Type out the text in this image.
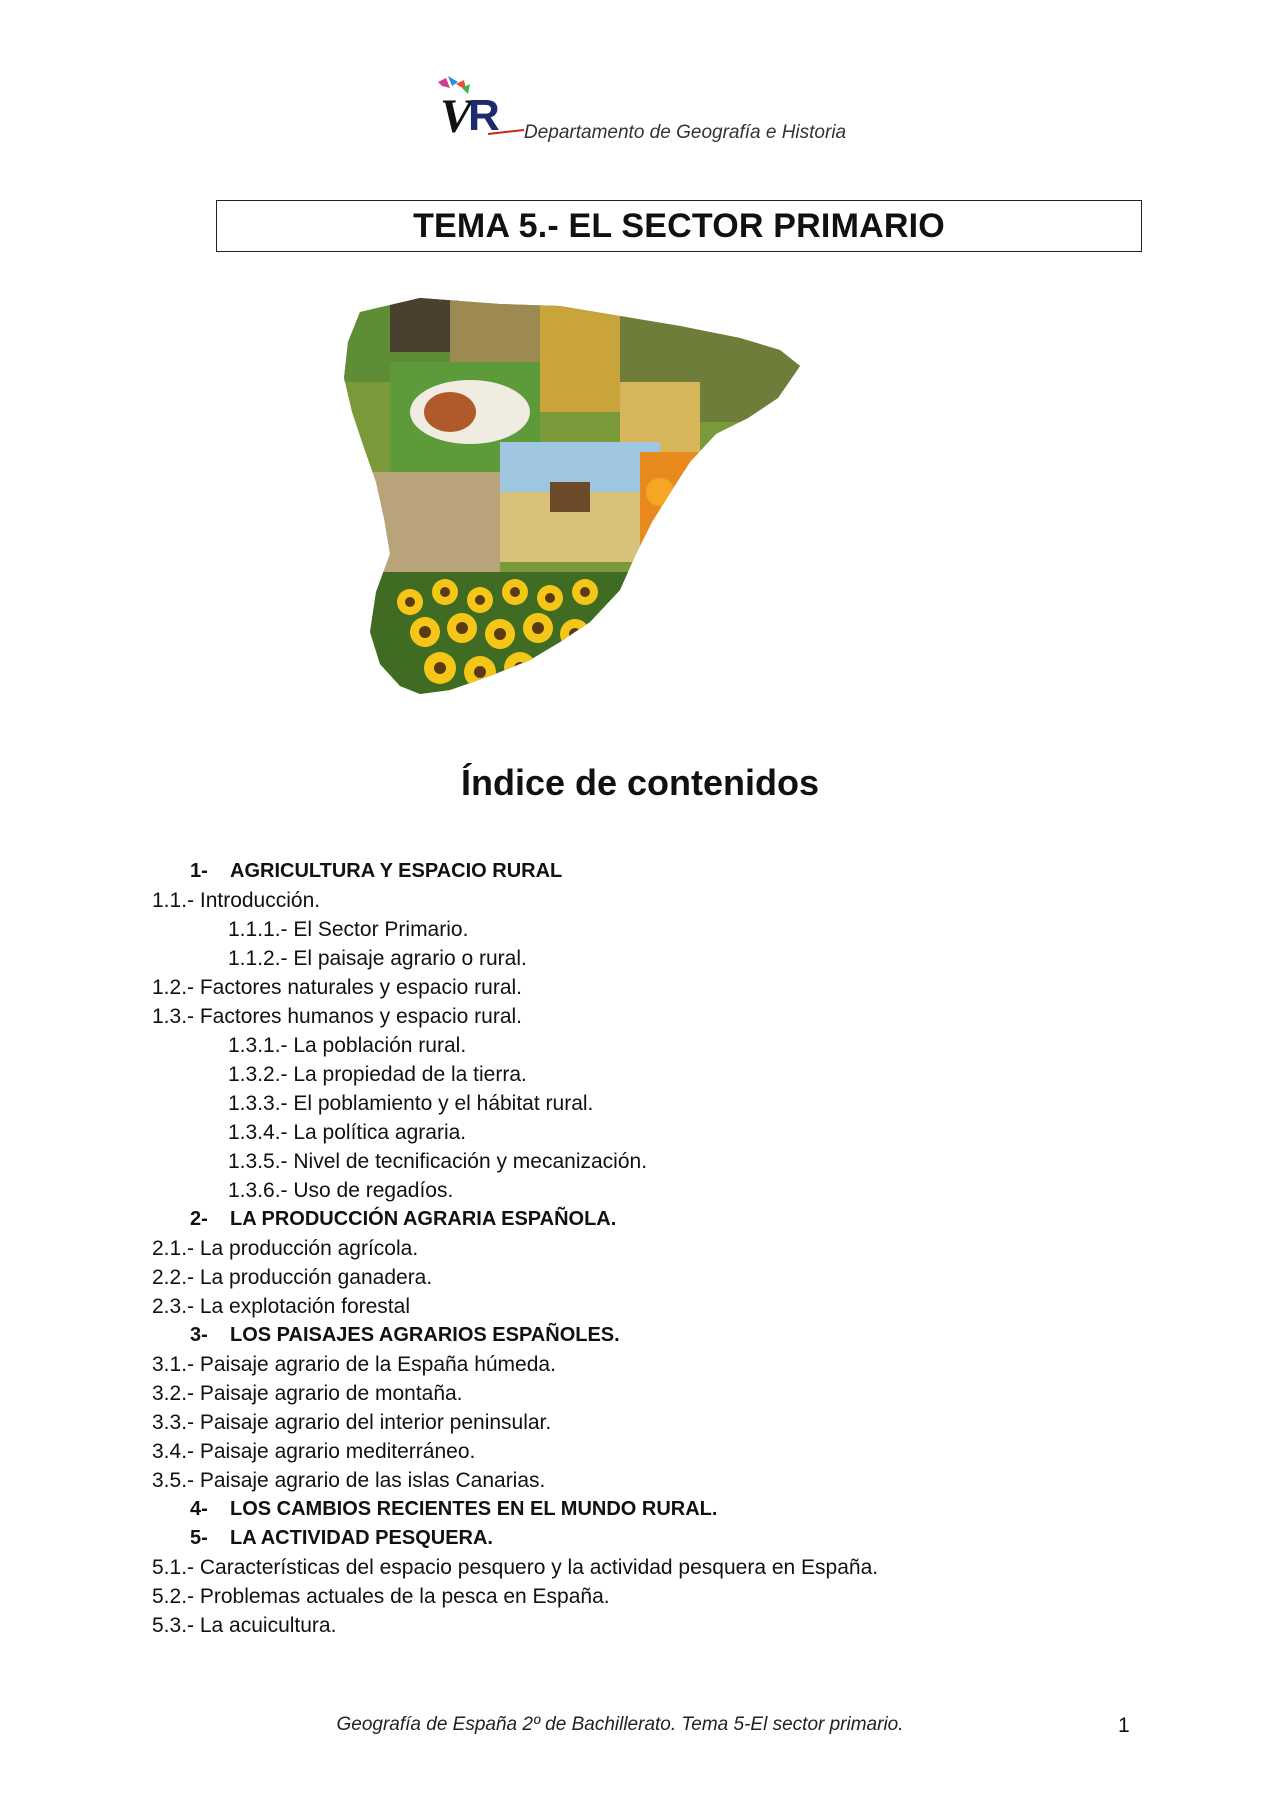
V
R Departamento de Geografía e Historia
TEMA 5.- EL SECTOR PRIMARIO
Índice de contenidos
1- AGRICULTURA Y ESPACIO RURAL
1.1.- Introducción.
1.1.1.- El Sector Primario.
1.1.2.- El paisaje agrario o rural.
1.2.- Factores naturales y espacio rural.
1.3.- Factores humanos y espacio rural.
1.3.1.- La población rural.
1.3.2.- La propiedad de la tierra.
1.3.3.- El poblamiento y el hábitat rural.
1.3.4.- La política agraria.
1.3.5.- Nivel de tecnificación y mecanización.
1.3.6.- Uso de regadíos.
2- LA PRODUCCIÓN AGRARIA ESPAÑOLA.
2.1.- La producción agrícola.
2.2.- La producción ganadera.
2.3.- La explotación forestal
3- LOS PAISAJES AGRARIOS ESPAÑOLES.
3.1.- Paisaje agrario de la España húmeda.
3.2.- Paisaje agrario de montaña.
3.3.- Paisaje agrario del interior peninsular.
3.4.- Paisaje agrario mediterráneo.
3.5.- Paisaje agrario de las islas Canarias.
4- LOS CAMBIOS RECIENTES EN EL MUNDO RURAL.
5- LA ACTIVIDAD PESQUERA.
5.1.- Características del espacio pesquero y la actividad pesquera en España.
5.2.- Problemas actuales de la pesca en España.
5.3.- La acuicultura.
Geografía de España 2º de Bachillerato. Tema 5-El sector primario.	1
